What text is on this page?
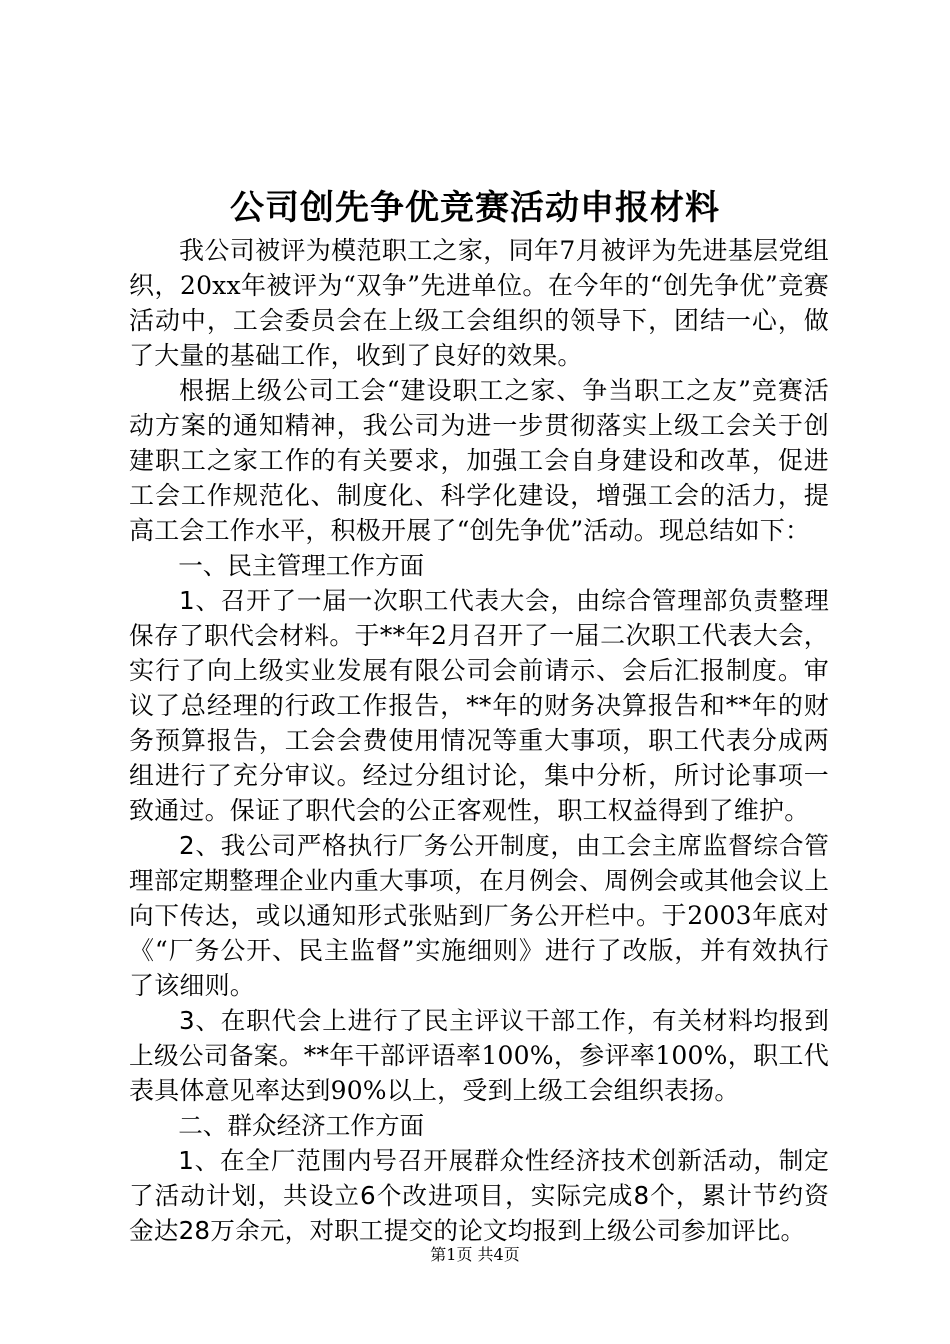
公司创先争优竞赛活动申报材料

我公司被评为模范职工之家，同年7月被评为先进基层党组织，20xx年被评为“双争”先进单位。在今年的“创先争优”竞赛活动中，工会委员会在上级工会组织的领导下，团结一心，做了大量的基础工作，收到了良好的效果。

根据上级公司工会“建设职工之家、争当职工之友”竞赛活动方案的通知精神，我公司为进一步贯彻落实上级工会关于创建职工之家工作的有关要求，加强工会自身建设和改革，促进工会工作规范化、制度化、科学化建设，增强工会的活力，提高工会工作水平，积极开展了“创先争优”活动。现总结如下：

一、民主管理工作方面

1、召开了一届一次职工代表大会，由综合管理部负责整理保存了职代会材料。于**年2月召开了一届二次职工代表大会，实行了向上级实业发展有限公司会前请示、会后汇报制度。审议了总经理的行政工作报告，**年的财务决算报告和**年的财务预算报告，工会会费使用情况等重大事项，职工代表分成两组进行了充分审议。经过分组讨论，集中分析，所讨论事项一致通过。保证了职代会的公正客观性，职工权益得到了维护。

2、我公司严格执行厂务公开制度，由工会主席监督综合管理部定期整理企业内重大事项，在月例会、周例会或其他会议上向下传达，或以通知形式张贴到厂务公开栏中。于2003年底对《“厂务公开、民主监督”实施细则》进行了改版，并有效执行了该细则。

3、在职代会上进行了民主评议干部工作，有关材料均报到上级公司备案。**年干部评语率100%，参评率100%，职工代表具体意见率达到90%以上，受到上级工会组织表扬。

二、群众经济工作方面

1、在全厂范围内号召开展群众性经济技术创新活动，制定了活动计划，共设立6个改进项目，实际完成8个，累计节约资金达28万余元，对职工提交的论文均报到上级公司参加评比。

第1页 共4页
